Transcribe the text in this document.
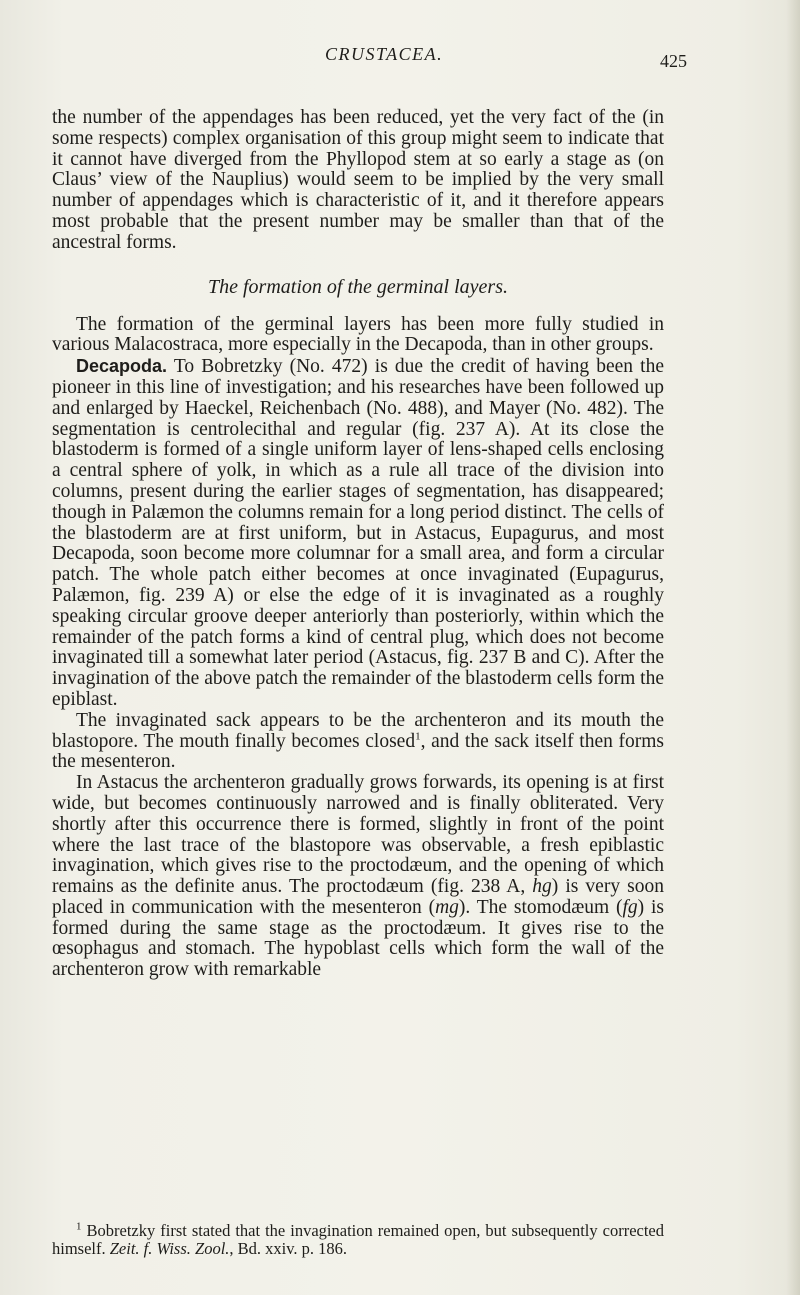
CRUSTACEA.	425

the number of the appendages has been reduced, yet the very fact of the (in some respects) complex organisation of this group might seem to indicate that it cannot have diverged from the Phyllopod stem at so early a stage as (on Claus’ view of the Nauplius) would seem to be implied by the very small number of appendages which is characteristic of it, and it therefore appears most probable that the present number may be smaller than that of the ancestral forms.

The formation of the germinal layers.

The formation of the germinal layers has been more fully studied in various Malacostraca, more especially in the Decapoda, than in other groups.

Decapoda. To Bobretzky (No. 472) is due the credit of having been the pioneer in this line of investigation; and his researches have been followed up and enlarged by Haeckel, Reichenbach (No. 488), and Mayer (No. 482). The segmentation is centrolecithal and regular (fig. 237 A). At its close the blastoderm is formed of a single uniform layer of lens-shaped cells enclosing a central sphere of yolk, in which as a rule all trace of the division into columns, present during the earlier stages of segmentation, has disappeared; though in Palæmon the columns remain for a long period distinct. The cells of the blastoderm are at first uniform, but in Astacus, Eupagurus, and most Decapoda, soon become more columnar for a small area, and form a circular patch. The whole patch either becomes at once invaginated (Eupagurus, Palæmon, fig. 239 A) or else the edge of it is invaginated as a roughly speaking circular groove deeper anteriorly than posteriorly, within which the remainder of the patch forms a kind of central plug, which does not become invaginated till a somewhat later period (Astacus, fig. 237 B and C). After the invagination of the above patch the remainder of the blastoderm cells form the epiblast.

The invaginated sack appears to be the archenteron and its mouth the blastopore. The mouth finally becomes closed$^1$, and the sack itself then forms the mesenteron.

In Astacus the archenteron gradually grows forwards, its opening is at first wide, but becomes continuously narrowed and is finally obliterated. Very shortly after this occurrence there is formed, slightly in front of the point where the last trace of the blastopore was observable, a fresh epiblastic invagination, which gives rise to the proctodæum, and the opening of which remains as the definite anus. The proctodæum (fig. 238 A, hg) is very soon placed in communication with the mesenteron (mg). The stomodæum (fg) is formed during the same stage as the proctodæum. It gives rise to the œsophagus and stomach. The hypoblast cells which form the wall of the archenteron grow with remarkable

$^1$ Bobretzky first stated that the invagination remained open, but subsequently corrected himself. Zeit. f. Wiss. Zool., Bd. xxiv. p. 186.
